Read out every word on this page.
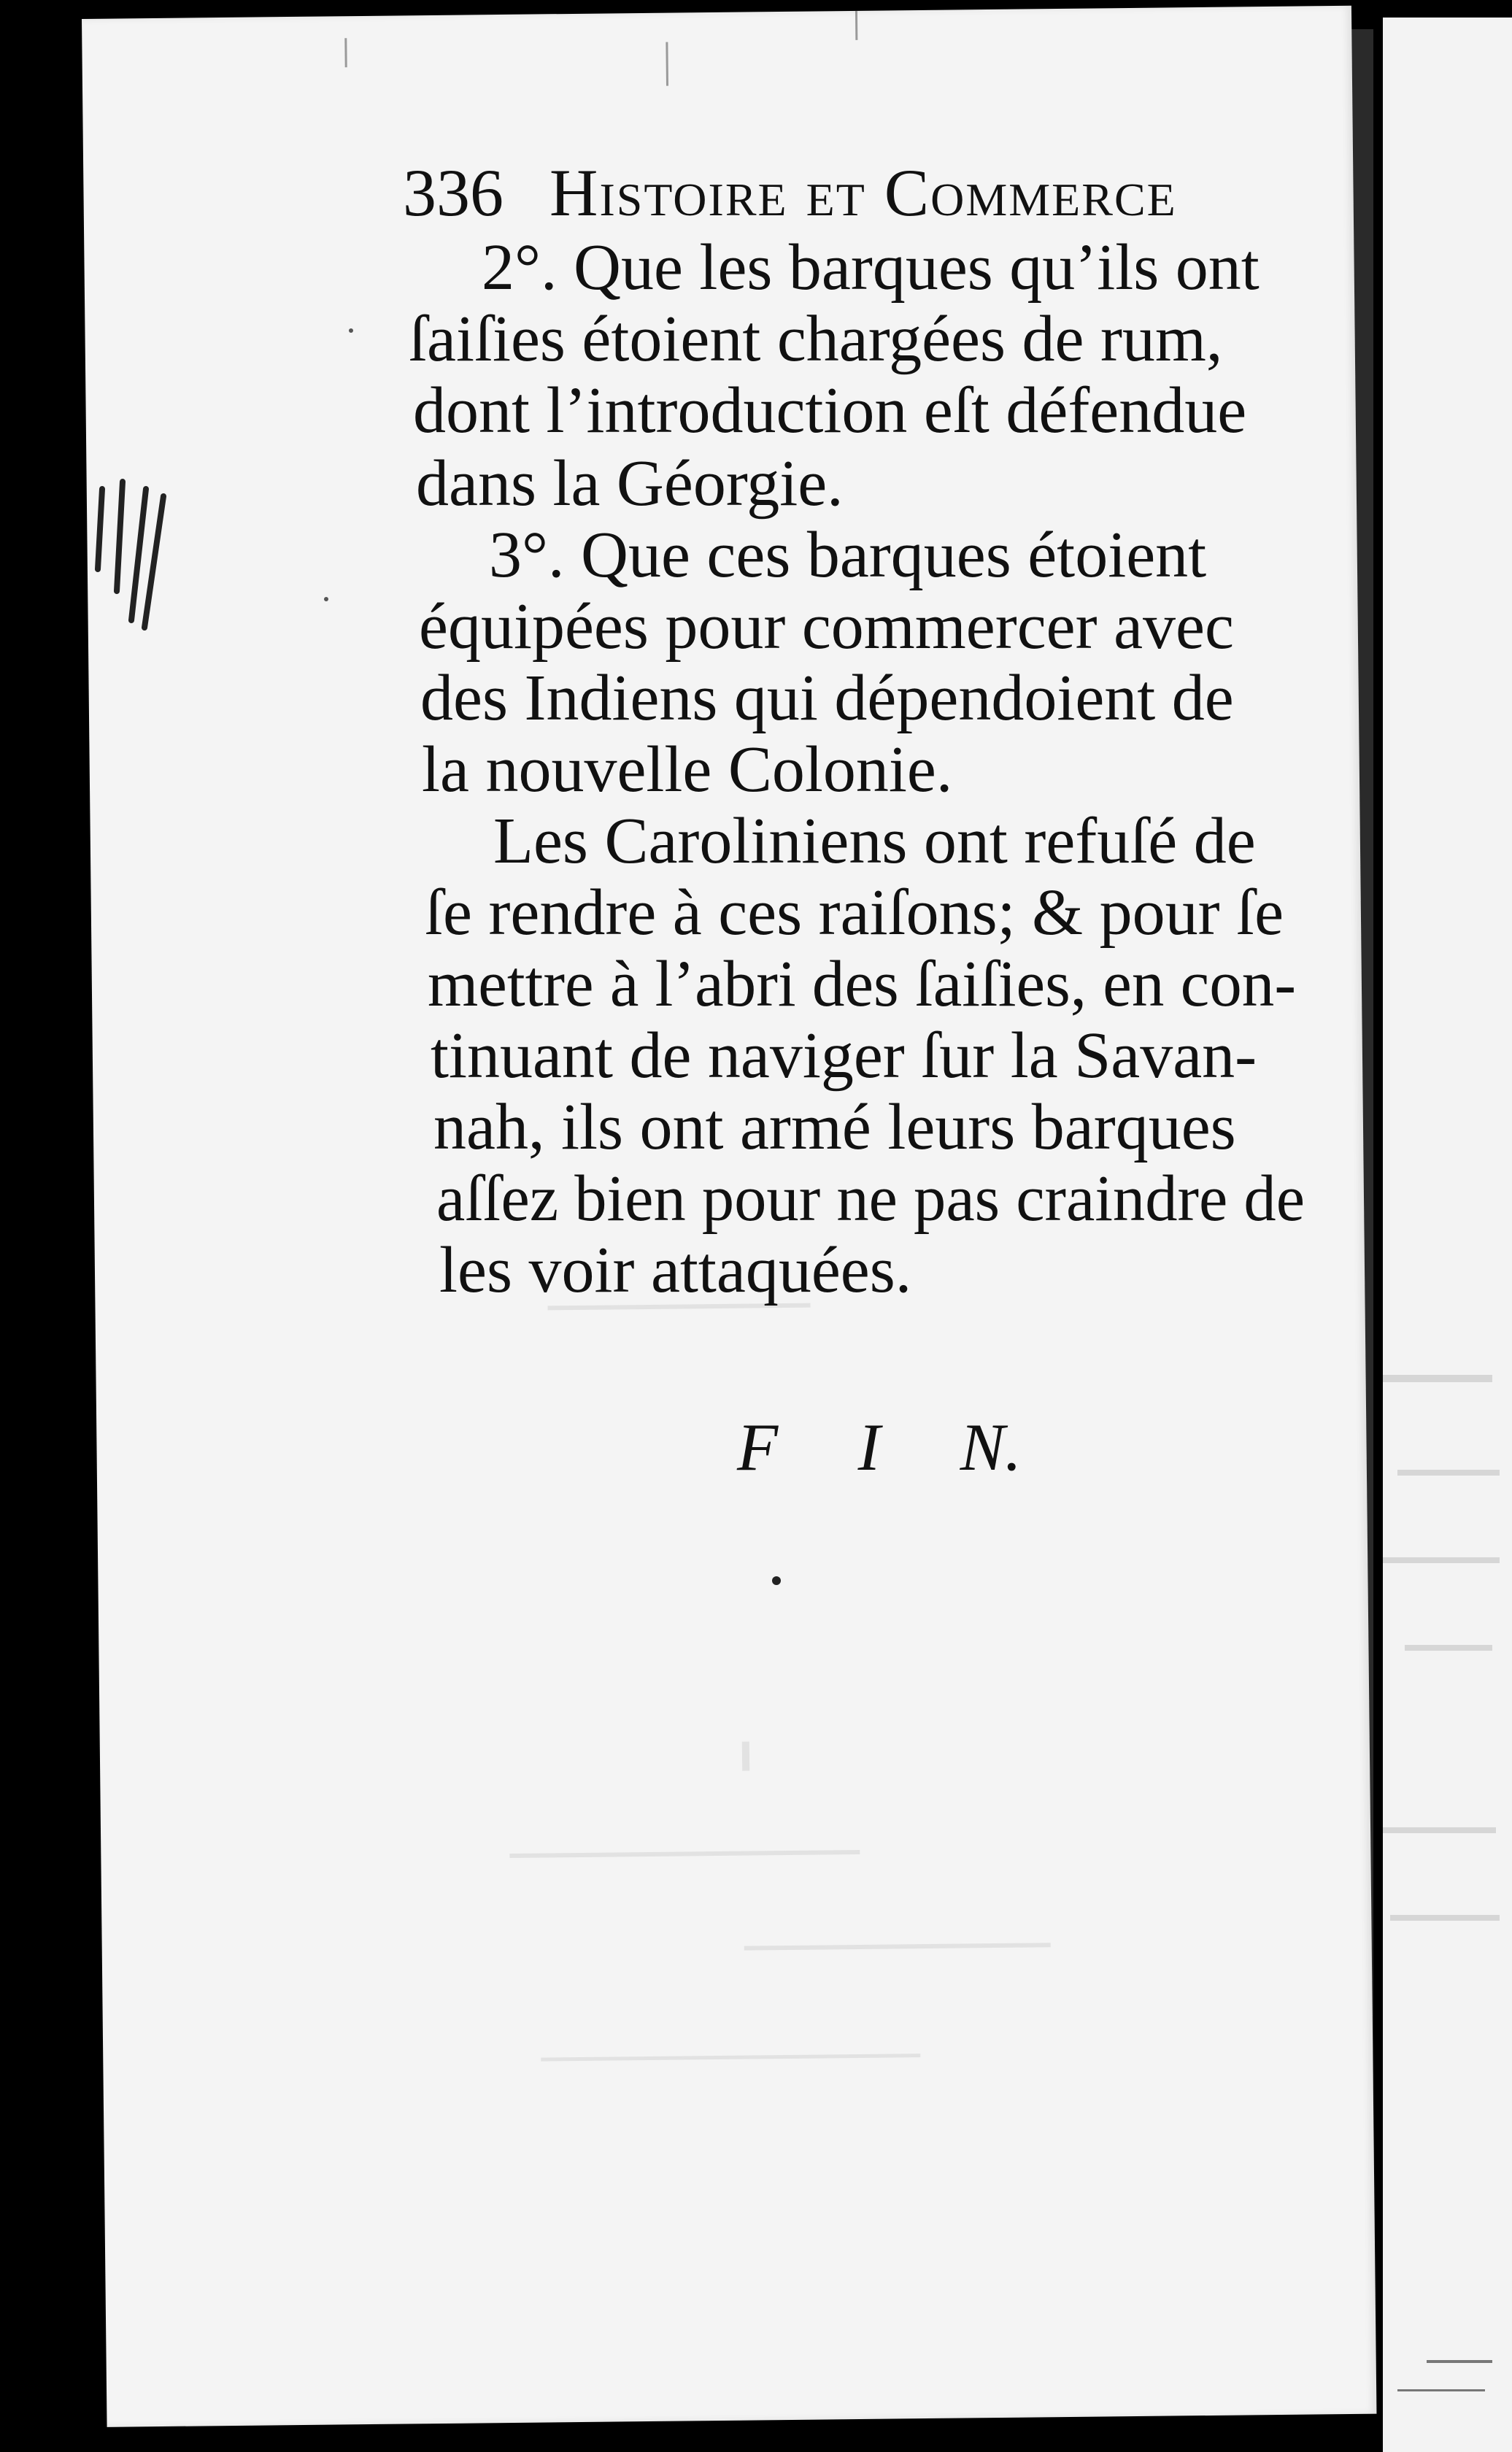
336 Histoire et Commerce
2°. Que les barques qu’ils ont
ſaiſies étoient chargées de rum,
dont l’introduction eſt défendue
dans la Géorgie.
3°. Que ces barques étoient
équipées pour commercer avec
des Indiens qui dépendoient de
la nouvelle Colonie.
Les Caroliniens ont refuſé de
ſe rendre à ces raiſons; & pour ſe
mettre à l’abri des ſaiſies, en con-
tinuant de naviger ſur la Savan-
nah, ils ont armé leurs barques
aſſez bien pour ne pas craindre de
les voir attaquées.
F I N.
